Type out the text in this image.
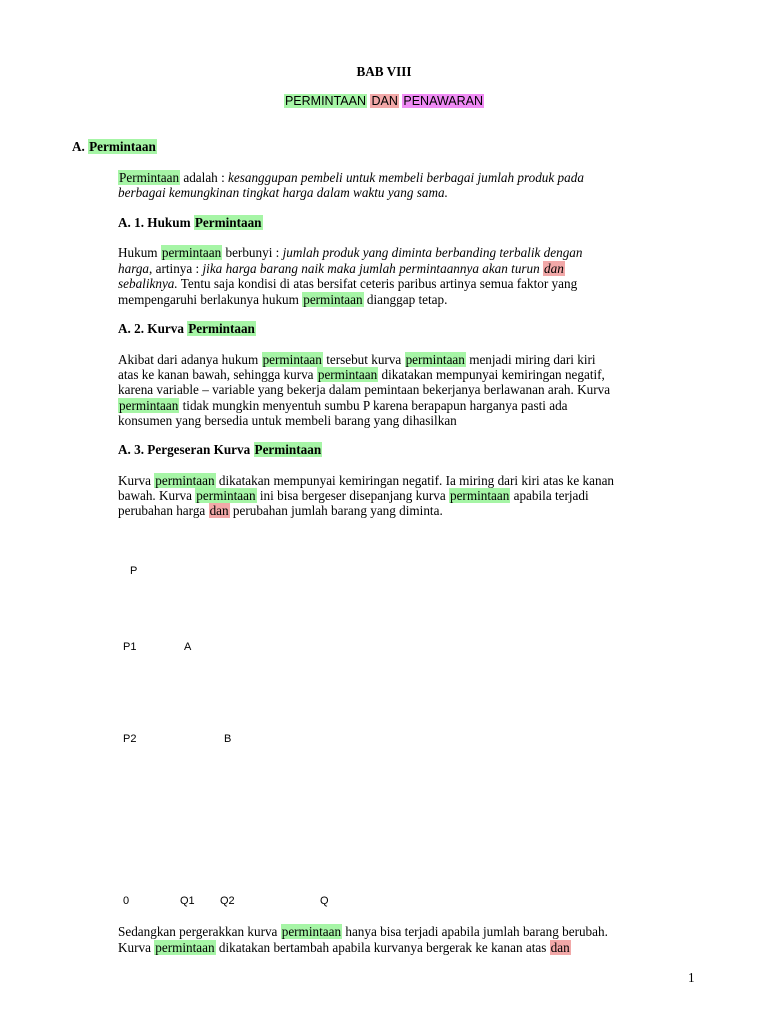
BAB VIII
PERMINTAAN DAN PENAWARAN
A. Permintaan
Permintaan adalah : kesanggupan pembeli untuk membeli berbagai jumlah produk pada
berbagai kemungkinan tingkat harga dalam waktu yang sama.
A. 1. Hukum Permintaan
Hukum permintaan berbunyi : jumlah produk yang diminta berbanding terbalik dengan
harga, artinya : jika harga barang naik maka jumlah permintaannya akan turun dan
sebaliknya. Tentu saja kondisi di atas bersifat ceteris paribus artinya semua faktor yang
mempengaruhi berlakunya hukum permintaan dianggap tetap.
A. 2. Kurva Permintaan
Akibat dari adanya hukum permintaan tersebut kurva permintaan menjadi miring dari kiri
atas ke kanan bawah, sehingga kurva permintaan dikatakan mempunyai kemiringan negatif,
karena variable – variable yang bekerja dalam pemintaan bekerjanya berlawanan arah. Kurva
permintaan tidak mungkin menyentuh sumbu P karena berapapun harganya pasti ada
konsumen yang bersedia untuk membeli barang yang dihasilkan
A. 3. Pergeseran Kurva Permintaan
Kurva permintaan dikatakan mempunyai kemiringan negatif. Ia miring dari kiri atas ke kanan
bawah. Kurva permintaan ini bisa bergeser disepanjang kurva permintaan apabila terjadi
perubahan harga dan perubahan jumlah barang yang diminta.
P
P1	A
P2	B
0	Q1 Q2	Q
Sedangkan pergerakkan kurva permintaan hanya bisa terjadi apabila jumlah barang berubah.
Kurva permintaan dikatakan bertambah apabila kurvanya bergerak ke kanan atas dan
1
